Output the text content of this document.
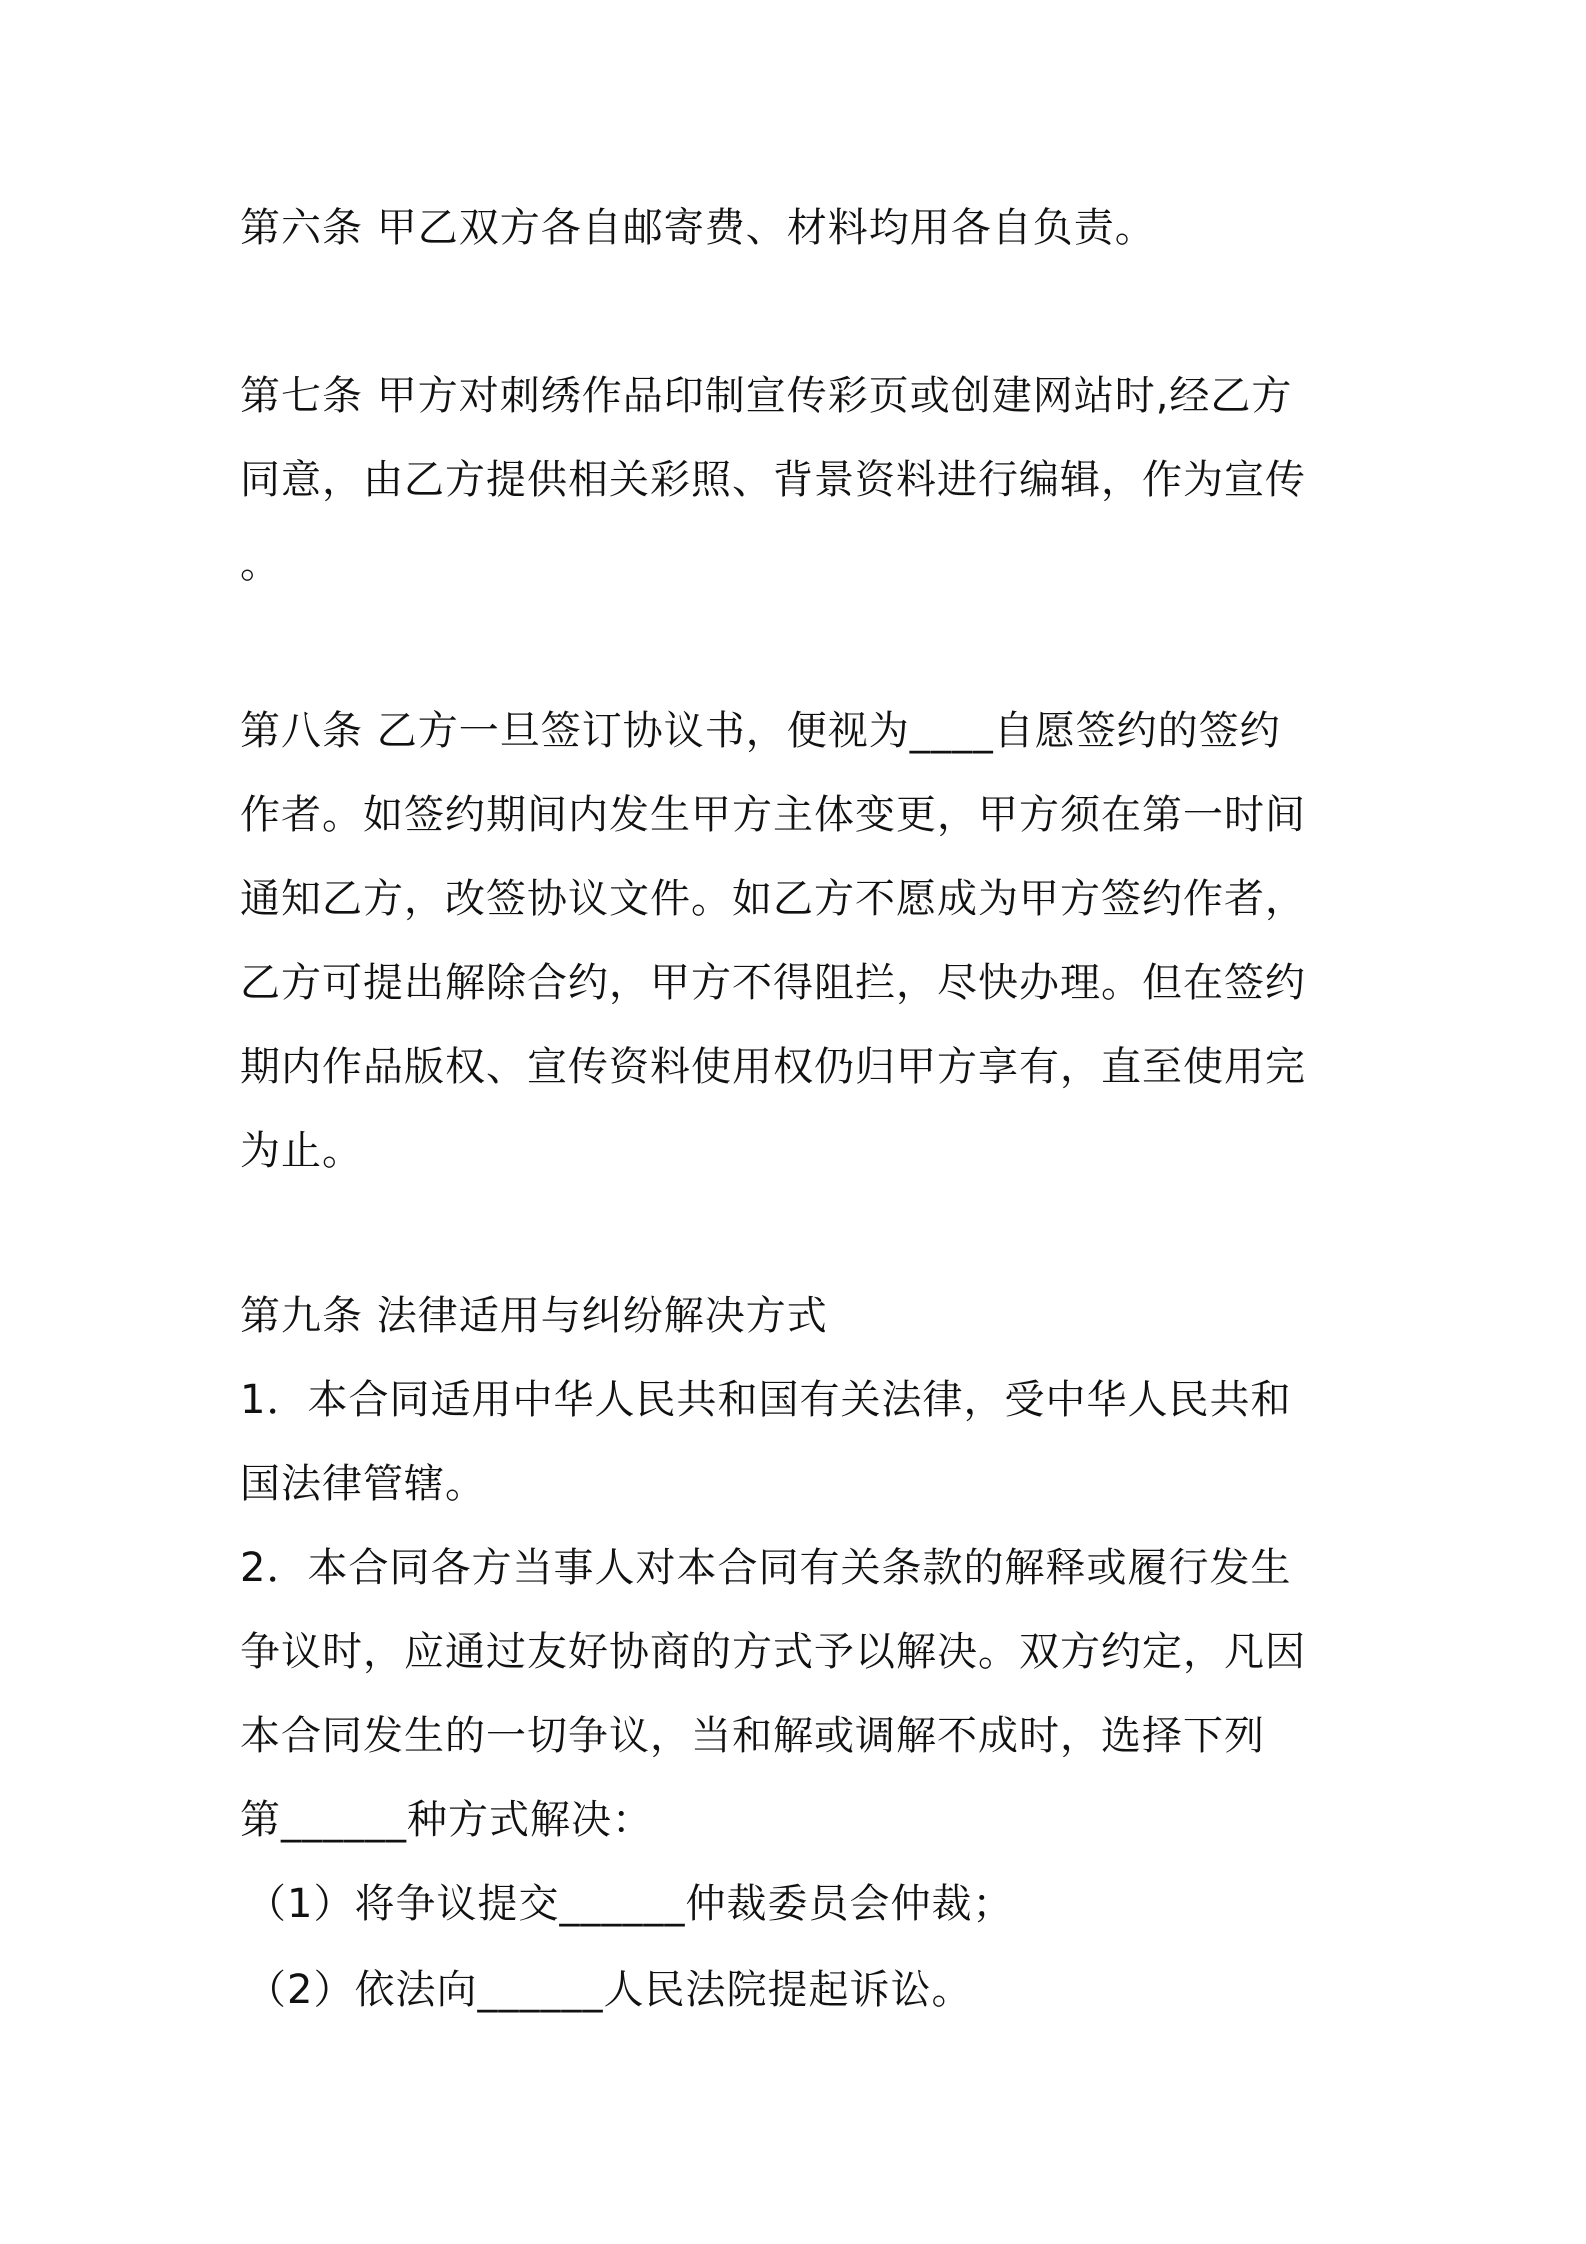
第六条 甲乙双方各自邮寄费、材料均用各自负责。
第七条 甲方对刺绣作品印制宣传彩页或创建网站时,经乙方
同意，由乙方提供相关彩照、背景资料进行编辑，作为宣传
。
第八条 乙方一旦签订协议书，便视为____自愿签约的签约
作者。如签约期间内发生甲方主体变更，甲方须在第一时间
通知乙方，改签协议文件。如乙方不愿成为甲方签约作者，
乙方可提出解除合约，甲方不得阻拦，尽快办理。但在签约
期内作品版权、宣传资料使用权仍归甲方享有，直至使用完
为止。
第九条 法律适用与纠纷解决方式
1．本合同适用中华人民共和国有关法律，受中华人民共和
国法律管辖。
2．本合同各方当事人对本合同有关条款的解释或履行发生
争议时，应通过友好协商的方式予以解决。双方约定，凡因
本合同发生的一切争议，当和解或调解不成时，选择下列
第______种方式解决：
（1）将争议提交______仲裁委员会仲裁；
（2）依法向______人民法院提起诉讼。
